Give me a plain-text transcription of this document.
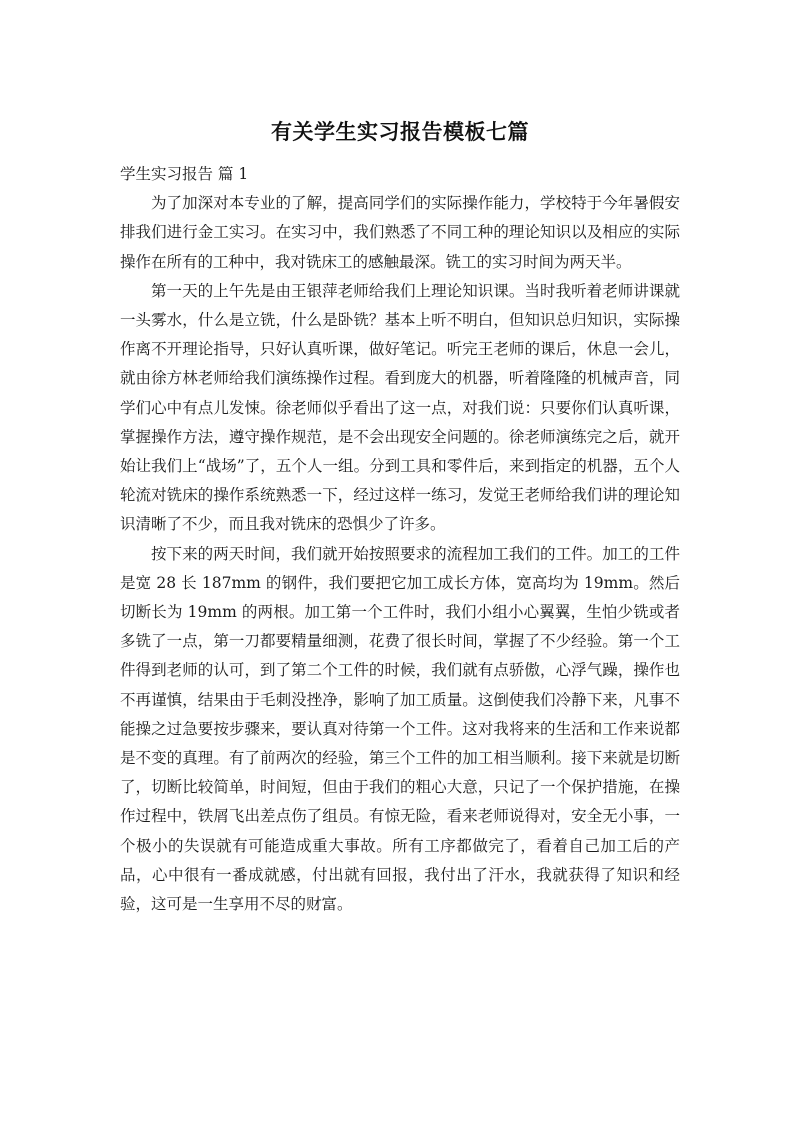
有关学生实习报告模板七篇

学生实习报告 篇 1

为了加深对本专业的了解，提高同学们的实际操作能力，学校特于今年暑假安排我们进行金工实习。在实习中，我们熟悉了不同工种的理论知识以及相应的实际操作在所有的工种中，我对铣床工的感触最深。铣工的实习时间为两天半。

第一天的上午先是由王银萍老师给我们上理论知识课。当时我听着老师讲课就一头雾水，什么是立铣，什么是卧铣？基本上听不明白，但知识总归知识，实际操作离不开理论指导，只好认真听课，做好笔记。听完王老师的课后，休息一会儿，就由徐方林老师给我们演练操作过程。看到庞大的机器，听着隆隆的机械声音，同学们心中有点儿发悚。徐老师似乎看出了这一点，对我们说：只要你们认真听课，掌握操作方法，遵守操作规范，是不会出现安全问题的。徐老师演练完之后，就开始让我们上“战场”了，五个人一组。分到工具和零件后，来到指定的机器，五个人轮流对铣床的操作系统熟悉一下，经过这样一练习，发觉王老师给我们讲的理论知识清晰了不少，而且我对铣床的恐惧少了许多。

按下来的两天时间，我们就开始按照要求的流程加工我们的工件。加工的工件是宽 28 长 187mm 的钢件，我们要把它加工成长方体，宽高均为 19mm。然后切断长为 19mm 的两根。加工第一个工件时，我们小组小心翼翼，生怕少铣或者多铣了一点，第一刀都要精量细测，花费了很长时间，掌握了不少经验。第一个工件得到老师的认可，到了第二个工件的时候，我们就有点骄傲，心浮气躁，操作也不再谨慎，结果由于毛刺没挫净，影响了加工质量。这倒使我们冷静下来，凡事不能操之过急要按步骤来，要认真对待第一个工件。这对我将来的生活和工作来说都是不变的真理。有了前两次的经验，第三个工件的加工相当顺利。接下来就是切断了，切断比较简单，时间短，但由于我们的粗心大意，只记了一个保护措施，在操作过程中，铁屑飞出差点伤了组员。有惊无险，看来老师说得对，安全无小事，一个极小的失误就有可能造成重大事故。所有工序都做完了，看着自己加工后的产品，心中很有一番成就感，付出就有回报，我付出了汗水，我就获得了知识和经验，这可是一生享用不尽的财富。
